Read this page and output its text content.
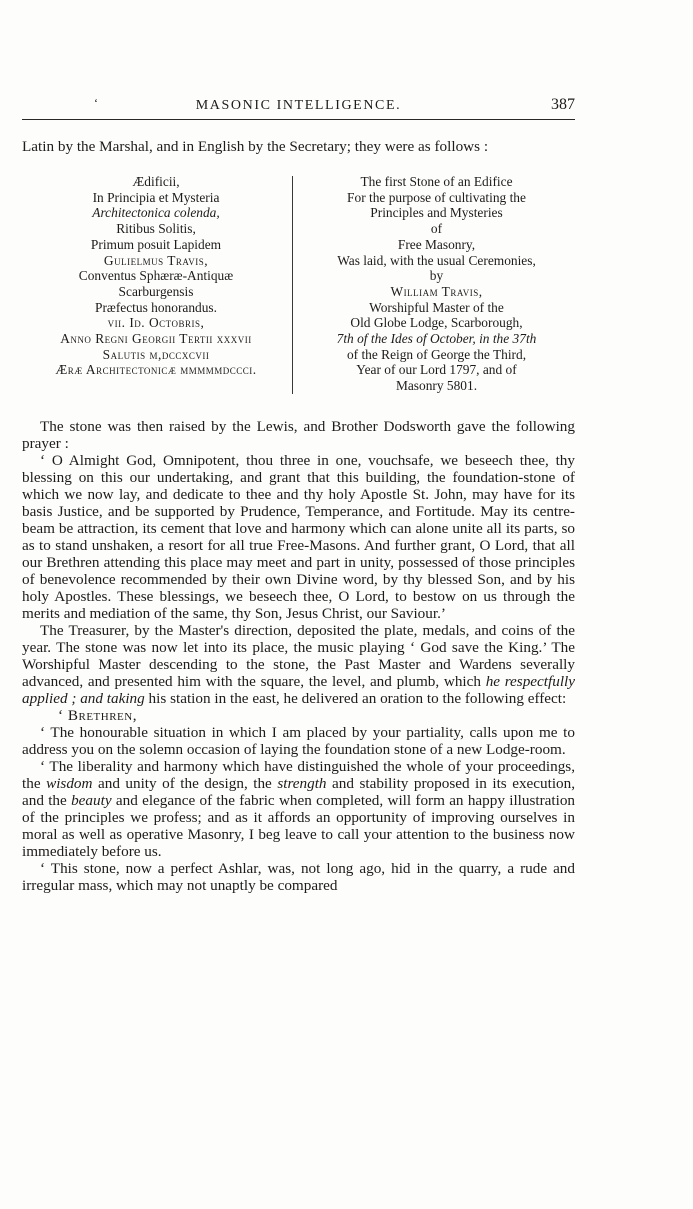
‘	MASONIC INTELLIGENCE.	387

Latin by the Marshal, and in English by the Secretary; they were as follows :

Ædificii,
In Principia et Mysteria
Architectonica colenda,
Ritibus Solitis,
Primum posuit Lapidem
Gulielmus Travis,
Conventus Sphæræ-Antiquæ
Scarburgensis
Præfectus honorandus.
vii. Id. Octobris,
Anno Regni Georgii Tertii xxxvii
Salutis m,dccxcvii
Æræ Architectonicæ mmmmmdccci.
The first Stone of an Edifice
For the purpose of cultivating the
Principles and Mysteries
of
Free Masonry,
Was laid, with the usual Ceremonies,
by
William Travis,
Worshipful Master of the
Old Globe Lodge, Scarborough,
7th of the Ides of October, in the 37th
of the Reign of George the Third,
Year of our Lord 1797, and of
Masonry 5801.

The stone was then raised by the Lewis, and Brother Dodsworth gave the following prayer :

‘ O Almight God, Omnipotent, thou three in one, vouchsafe, we beseech thee, thy blessing on this our undertaking, and grant that this building, the foundation-stone of which we now lay, and dedicate to thee and thy holy Apostle St. John, may have for its basis Justice, and be supported by Prudence, Temperance, and Fortitude. May its centre-beam be attraction, its cement that love and harmony which can alone unite all its parts, so as to stand unshaken, a resort for all true Free-Masons. And further grant, O Lord, that all our Brethren attending this place may meet and part in unity, possessed of those principles of benevolence recommended by their own Divine word, by thy blessed Son, and by his holy Apostles. These blessings, we beseech thee, O Lord, to bestow on us through the merits and mediation of the same, thy Son, Jesus Christ, our Saviour.’

The Treasurer, by the Master's direction, deposited the plate, medals, and coins of the year. The stone was now let into its place, the music playing ‘ God save the King.’ The Worshipful Master descending to the stone, the Past Master and Wardens severally advanced, and presented him with the square, the level, and plumb, which he respectfully applied ; and taking his station in the east, he delivered an oration to the following effect:

‘ Brethren,

‘ The honourable situation in which I am placed by your partiality, calls upon me to address you on the solemn occasion of laying the foundation stone of a new Lodge-room.

‘ The liberality and harmony which have distinguished the whole of your proceedings, the wisdom and unity of the design, the strength and stability proposed in its execution, and the beauty and elegance of the fabric when completed, will form an happy illustration of the principles we profess; and as it affords an opportunity of improving ourselves in moral as well as operative Masonry, I beg leave to call your attention to the business now immediately before us.

‘ This stone, now a perfect Ashlar, was, not long ago, hid in the quarry, a rude and irregular mass, which may not unaptly be compared
